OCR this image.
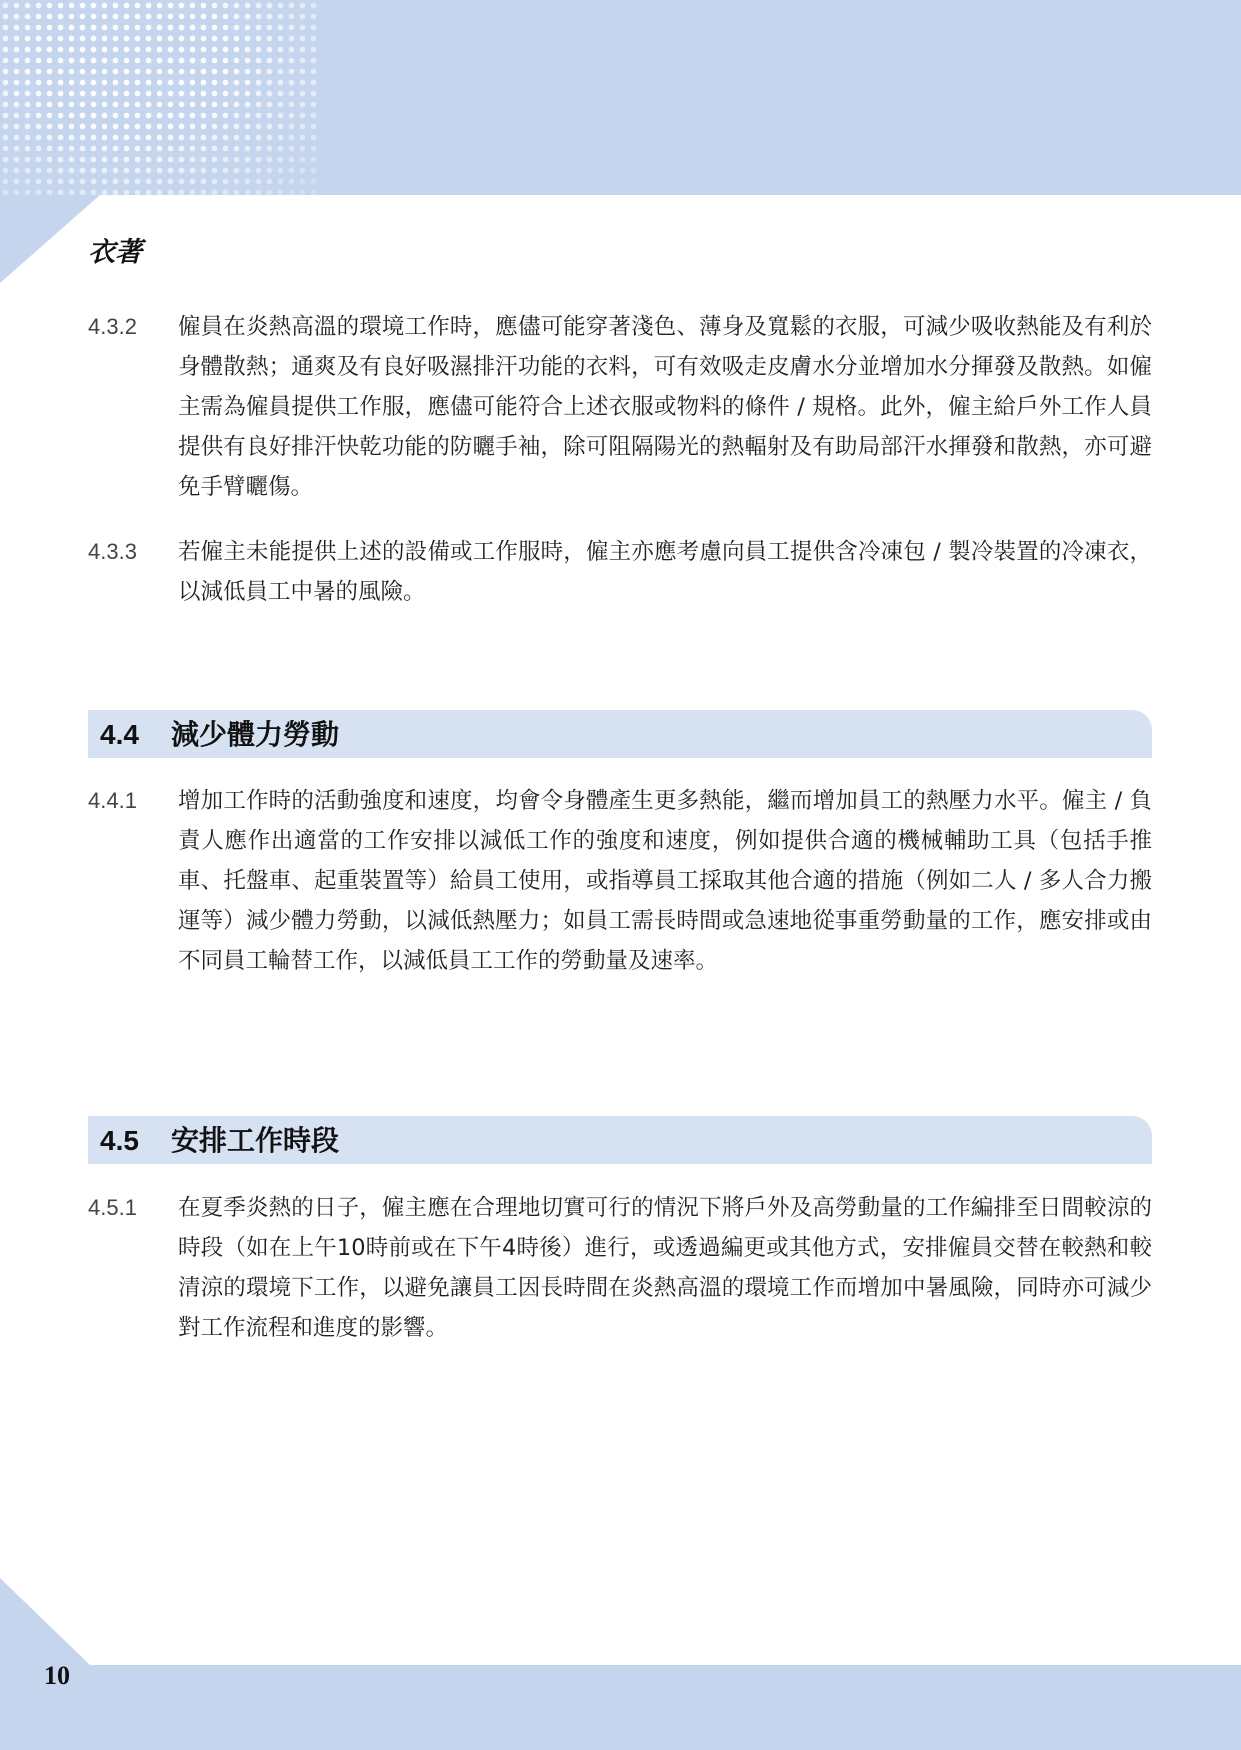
衣著
4.3.2	僱員在炎熱高溫的環境工作時，應儘可能穿著淺色、薄身及寬鬆的衣服，可減少吸收熱能及有利於身體散熱；通爽及有良好吸濕排汗功能的衣料，可有效吸走皮膚水分並增加水分揮發及散熱。如僱主需為僱員提供工作服，應儘可能符合上述衣服或物料的條件 / 規格。此外，僱主給戶外工作人員提供有良好排汗快乾功能的防曬手袖，除可阻隔陽光的熱輻射及有助局部汗水揮發和散熱，亦可避免手臂曬傷。
4.3.3	若僱主未能提供上述的設備或工作服時，僱主亦應考慮向員工提供含冷凍包 / 製冷裝置的冷凍衣，以減低員工中暑的風險。
4.4 減少體力勞動
4.4.1	增加工作時的活動強度和速度，均會令身體產生更多熱能，繼而增加員工的熱壓力水平。僱主 / 負責人應作出適當的工作安排以減低工作的強度和速度，例如提供合適的機械輔助工具（包括手推車、托盤車、起重裝置等）給員工使用，或指導員工採取其他合適的措施（例如二人 / 多人合力搬運等）減少體力勞動，以減低熱壓力；如員工需長時間或急速地從事重勞動量的工作，應安排或由不同員工輪替工作，以減低員工工作的勞動量及速率。
4.5 安排工作時段
4.5.1	在夏季炎熱的日子，僱主應在合理地切實可行的情況下將戶外及高勞動量的工作編排至日間較涼的時段（如在上午10時前或在下午4時後）進行，或透過編更或其他方式，安排僱員交替在較熱和較清涼的環境下工作，以避免讓員工因長時間在炎熱高溫的環境工作而增加中暑風險，同時亦可減少對工作流程和進度的影響。
10
